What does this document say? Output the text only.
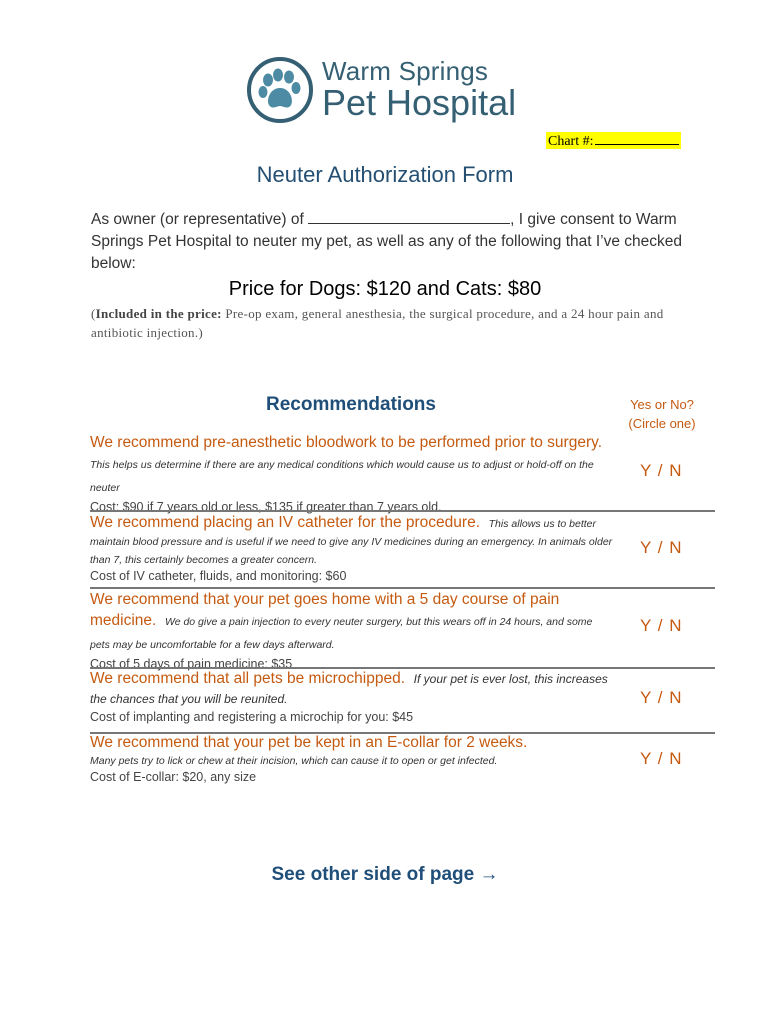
Warm Springs
Pet Hospital
Chart #:
Neuter Authorization Form
As owner (or representative) of	, I give consent to Warm Springs Pet Hospital to neuter my pet, as well as any of the following that I’ve checked below:
Price for Dogs: $120 and Cats: $80
(Included in the price: Pre-op exam, general anesthesia, the surgical procedure, and a 24 hour pain and antibiotic injection.)
Recommendations	Yes or No?
(Circle one)
We recommend pre-anesthetic bloodwork to be performed prior to surgery.  This helps us determine if there are any medical conditions which would cause us to adjust or hold-off on the neuter
Cost: $90 if 7 years old or less, $135 if greater than 7 years old.
Y / N
We recommend placing an IV catheter for the procedure. This allows us to better maintain blood pressure and is useful if we need to give any IV medicines during an emergency. In animals older than 7, this certainly becomes a greater concern.
Cost of IV catheter, fluids, and monitoring: $60
Y / N
We recommend that your pet goes home with a 5 day course of pain medicine. We do give a pain injection to every neuter surgery, but this wears off in 24 hours, and some pets may be uncomfortable for a few days afterward.
Cost of 5 days of pain medicine: $35
Y / N
We recommend that all pets be microchipped. If your pet is ever lost, this increases the chances that you will be reunited.
Cost of implanting and registering a microchip for you: $45
Y / N
We recommend that your pet be kept in an E-collar for 2 weeks.
Many pets try to lick or chew at their incision, which can cause it to open or get infected.
Cost of E-collar: $20, any size
Y / N
See other side of page →
